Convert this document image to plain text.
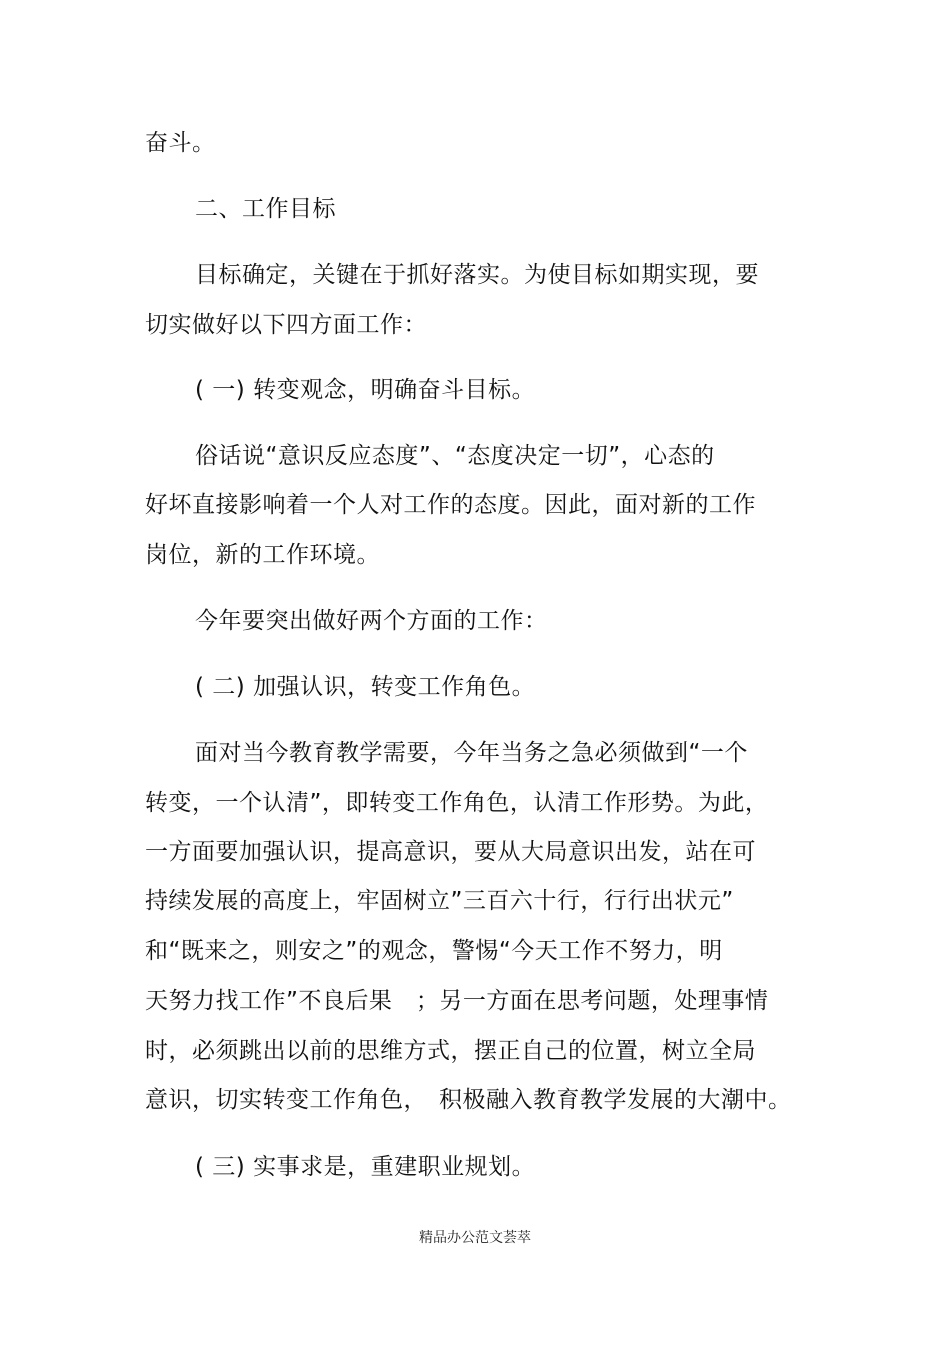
奋斗。
二、工作目标
目标确定，关键在于抓好落实。为使目标如期实现，要
切实做好以下四方面工作：
( 一) 转变观念，明确奋斗目标。
俗话说“意识反应态度”、“态度决定一切”，心态的
好坏直接影响着一个人对工作的态度。因此，面对新的工作
岗位，新的工作环境。
今年要突出做好两个方面的工作：
( 二) 加强认识，转变工作角色。
面对当今教育教学需要，今年当务之急必须做到“一个
转变，一个认清”，即转变工作角色，认清工作形势。为此，
一方面要加强认识，提高意识，要从大局意识出发，站在可
持续发展的高度上，牢固树立”三百六十行，行行出状元”
和“既来之，则安之”的观念，警惕“今天工作不努力，明
天努力找工作”不良后果　；另一方面在思考问题，处理事情
时，必须跳出以前的思维方式，摆正自己的位置，树立全局
意识，切实转变工作角色，　积极融入教育教学发展的大潮中。
( 三) 实事求是，重建职业规划。
精品办公范文荟萃
